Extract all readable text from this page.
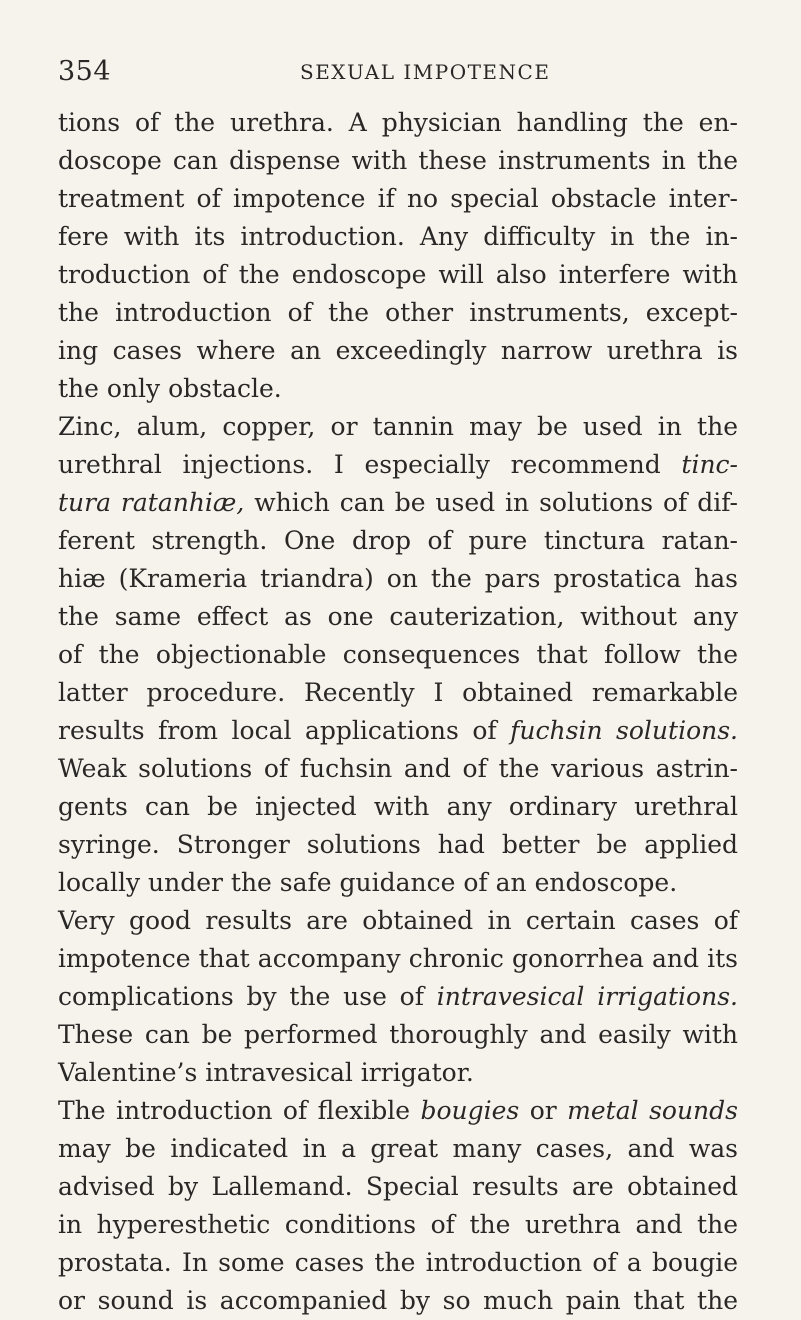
354	SEXUAL IMPOTENCE
tions of the urethra. A physician handling the en-
doscope can dispense with these instruments in the
treatment of impotence if no special obstacle inter-
fere with its introduction. Any difficulty in the in-
troduction of the endoscope will also interfere with
the introduction of the other instruments, except-
ing cases where an exceedingly narrow urethra is
the only obstacle.
Zinc, alum, copper, or tannin may be used in the
urethral injections. I especially recommend tinc-
tura ratanhiæ, which can be used in solutions of dif-
ferent strength. One drop of pure tinctura ratan-
hiæ (Krameria triandra) on the pars prostatica has
the same effect as one cauterization, without any
of the objectionable consequences that follow the
latter procedure. Recently I obtained remarkable
results from local applications of fuchsin solutions.
Weak solutions of fuchsin and of the various astrin-
gents can be injected with any ordinary urethral
syringe. Stronger solutions had better be applied
locally under the safe guidance of an endoscope.
Very good results are obtained in certain cases of
impotence that accompany chronic gonorrhea and its
complications by the use of intravesical irrigations.
These can be performed thoroughly and easily with
Valentine’s intravesical irrigator.
The introduction of flexible bougies or metal sounds
may be indicated in a great many cases, and was
advised by Lallemand. Special results are obtained
in hyperesthetic conditions of the urethra and the
prostata. In some cases the introduction of a bougie
or sound is accompanied by so much pain that the
